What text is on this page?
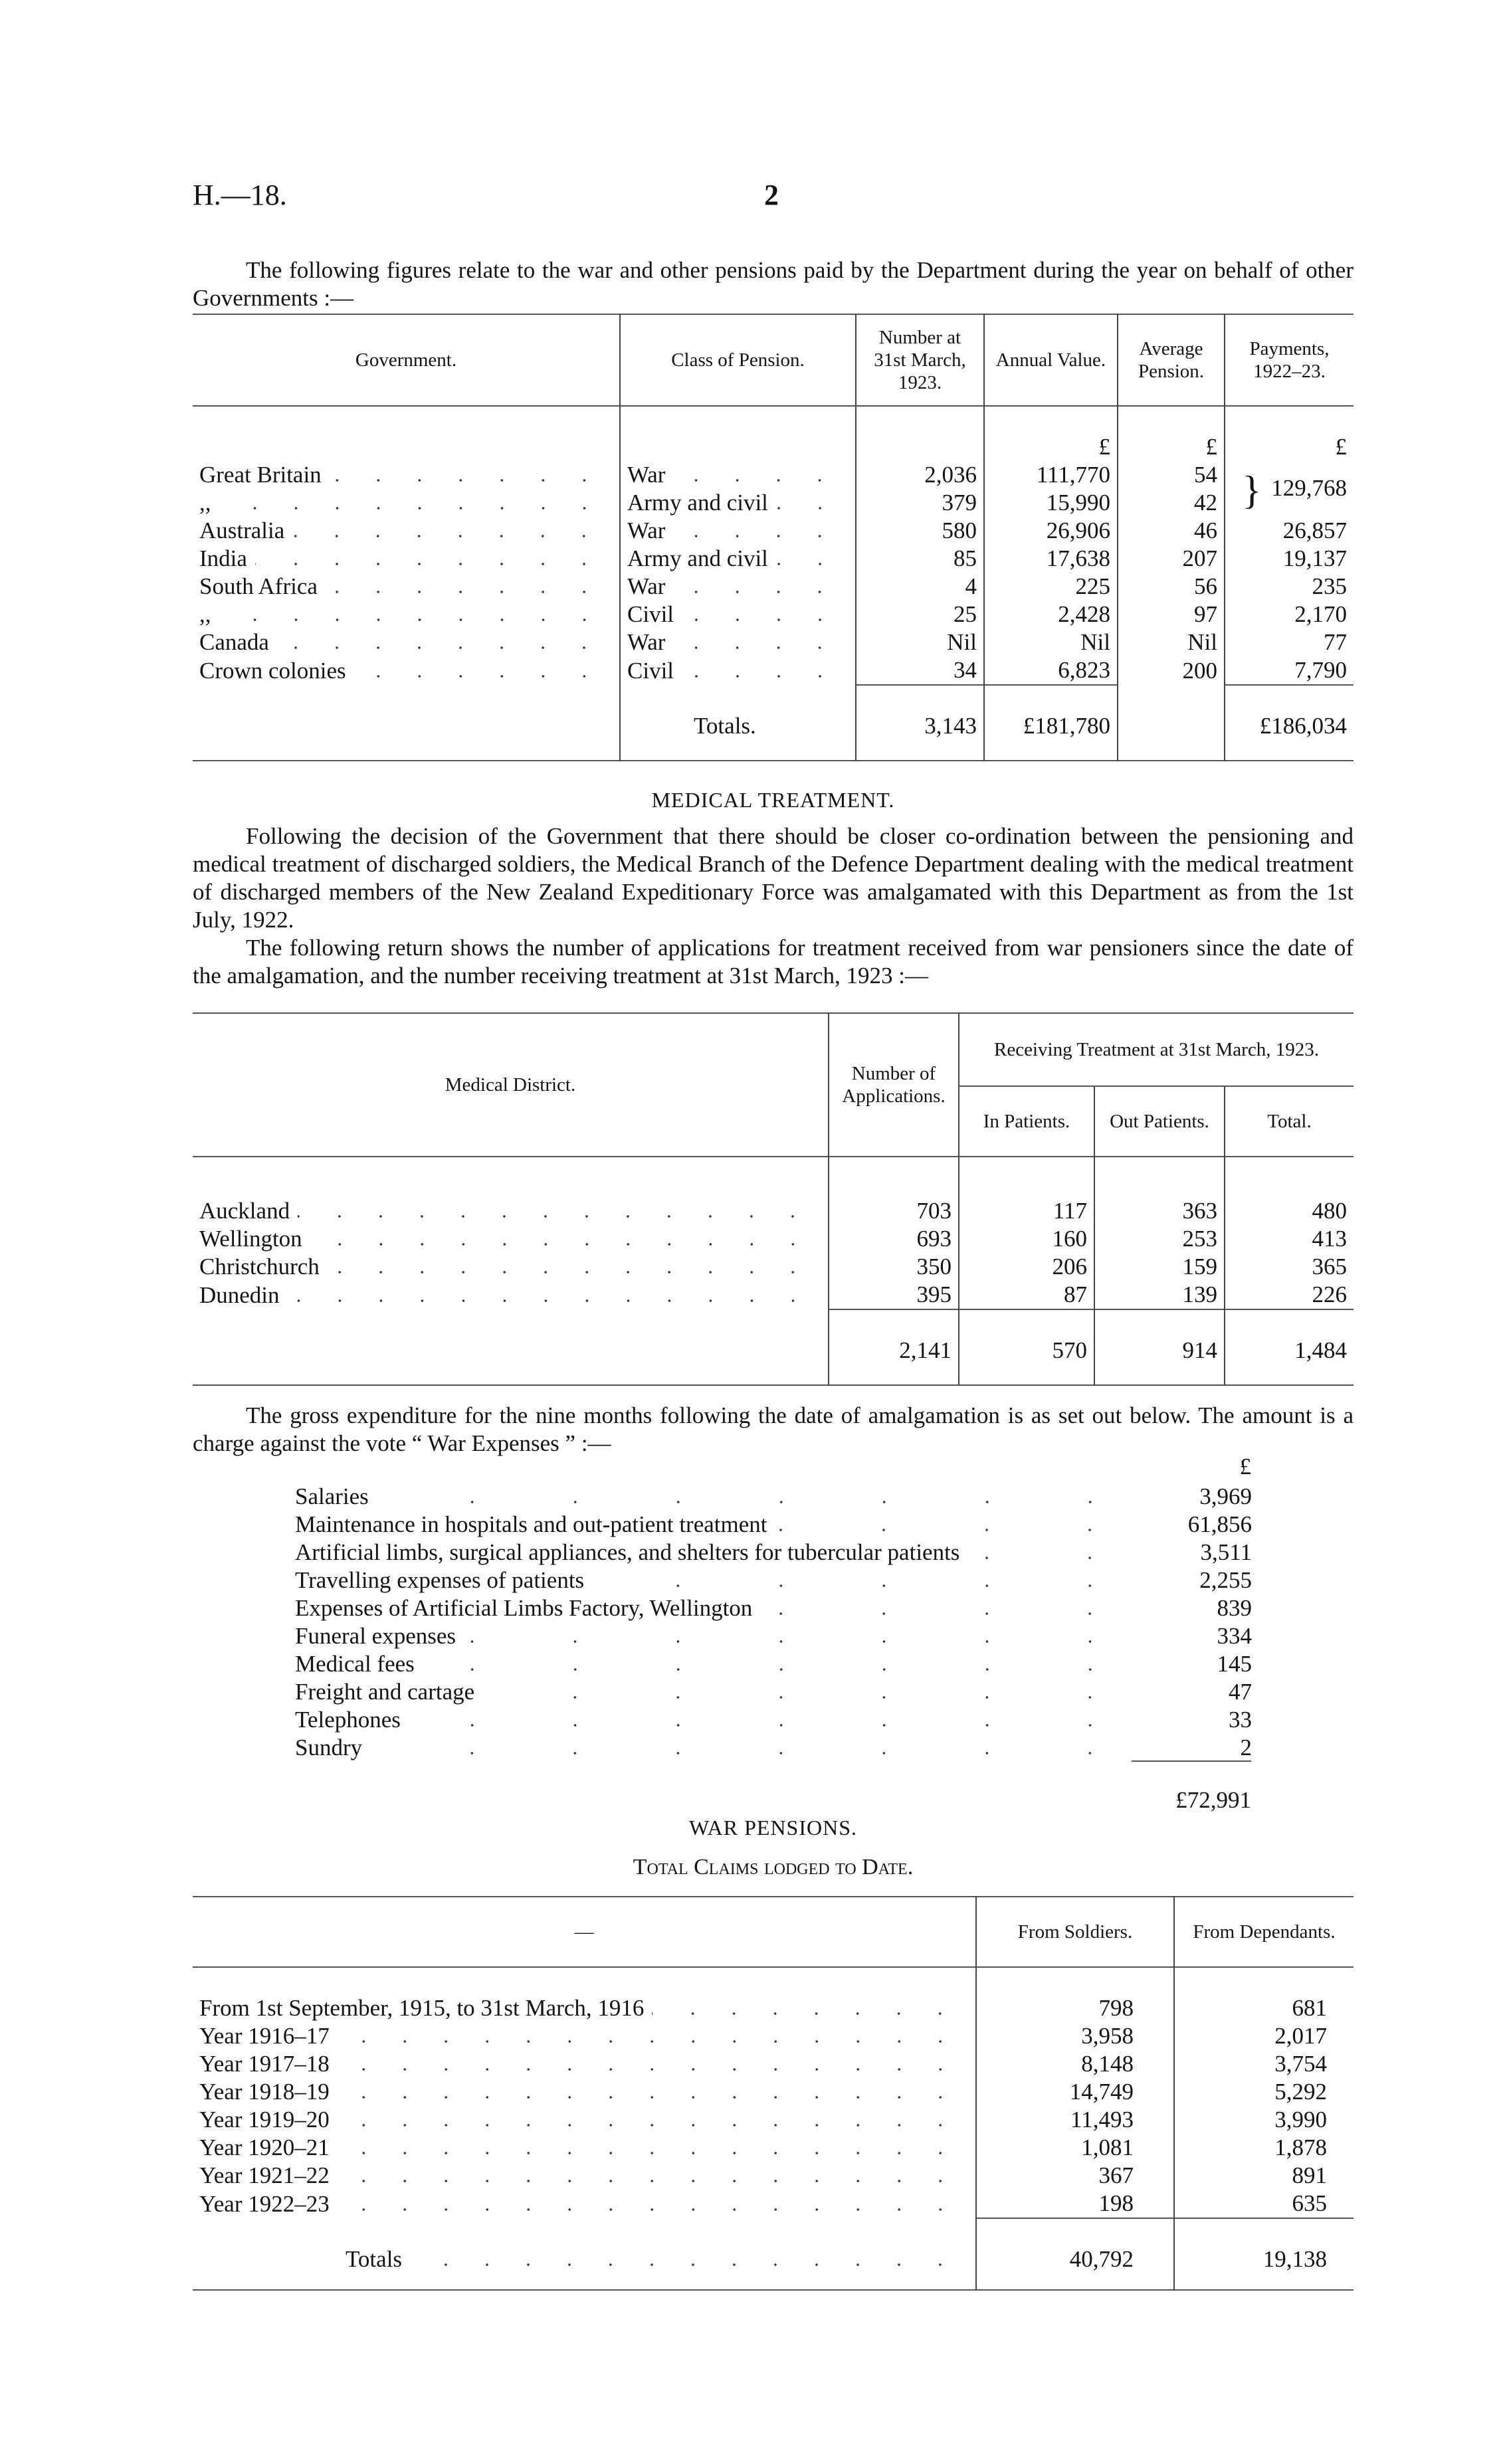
H.—18.	2
The following figures relate to the war and other pensions paid by the Department during the year on behalf of other Governments :—
Government.	Class of Pension.	Number at 31st March, 1923.	Annual Value.	Average Pension.	Payments, 1922–23.

			£	£	£

Great Britain	War	2,036	111,770	54	} 129,768

,,	Army and civil	379	15,990	42	

Australia	War	580	26,906	46	26,857

India	Army and civil	85	17,638	207	19,137

South Africa	War	4	225	56	235

,,	Civil	25	2,428	97	2,170

Canada	War	Nil	Nil	Nil	77

Crown colonies	Civil	34	6,823	200	7,790

	Totals.	3,143	£181,780		£186,034

MEDICAL TREATMENT.
Following the decision of the Government that there should be closer co-ordination between the pensioning and medical treatment of discharged soldiers, the Medical Branch of the Defence Department dealing with the medical treatment of discharged members of the New Zealand Expeditionary Force was amalgamated with this Department as from the 1st July, 1922.
The following return shows the number of applications for treatment received from war pensioners since the date of the amalgamation, and the number receiving treatment at 31st March, 1923 :—
Medical District.	Number of Applications.	Receiving Treatment at 31st March, 1923.		
		In Patients.	Out Patients.	Total.

Auckland	703	117	363	480

Wellington	693	160	253	413

Christchurch	350	206	159	365

Dunedin	395	87	139	226

	2,141	570	914	1,484

The gross expenditure for the nine months following the date of amalgamation is as set out below. The amount is a charge against the vote “ War Expenses ” :—
£
Salaries	3,969
Maintenance in hospitals and out-patient treatment	61,856
Artificial limbs, surgical appliances, and shelters for tubercular patients	3,511
Travelling expenses of patients	2,255
Expenses of Artificial Limbs Factory, Wellington	839
Funeral expenses	334
Medical fees	145
Freight and cartage	47
Telephones	33
Sundry	2
£72,991
WAR PENSIONS.
Total Claims lodged to Date.
—	From Soldiers.	From Dependants.

From 1st September, 1915, to 31st March, 1916	798	681

Year 1916–17	3,958	2,017

Year 1917–18	8,148	3,754

Year 1918–19	14,749	5,292

Year 1919–20	11,493	3,990

Year 1920–21	1,081	1,878

Year 1921–22	367	891

Year 1922–23	198	635

Totals	40,792	19,138
